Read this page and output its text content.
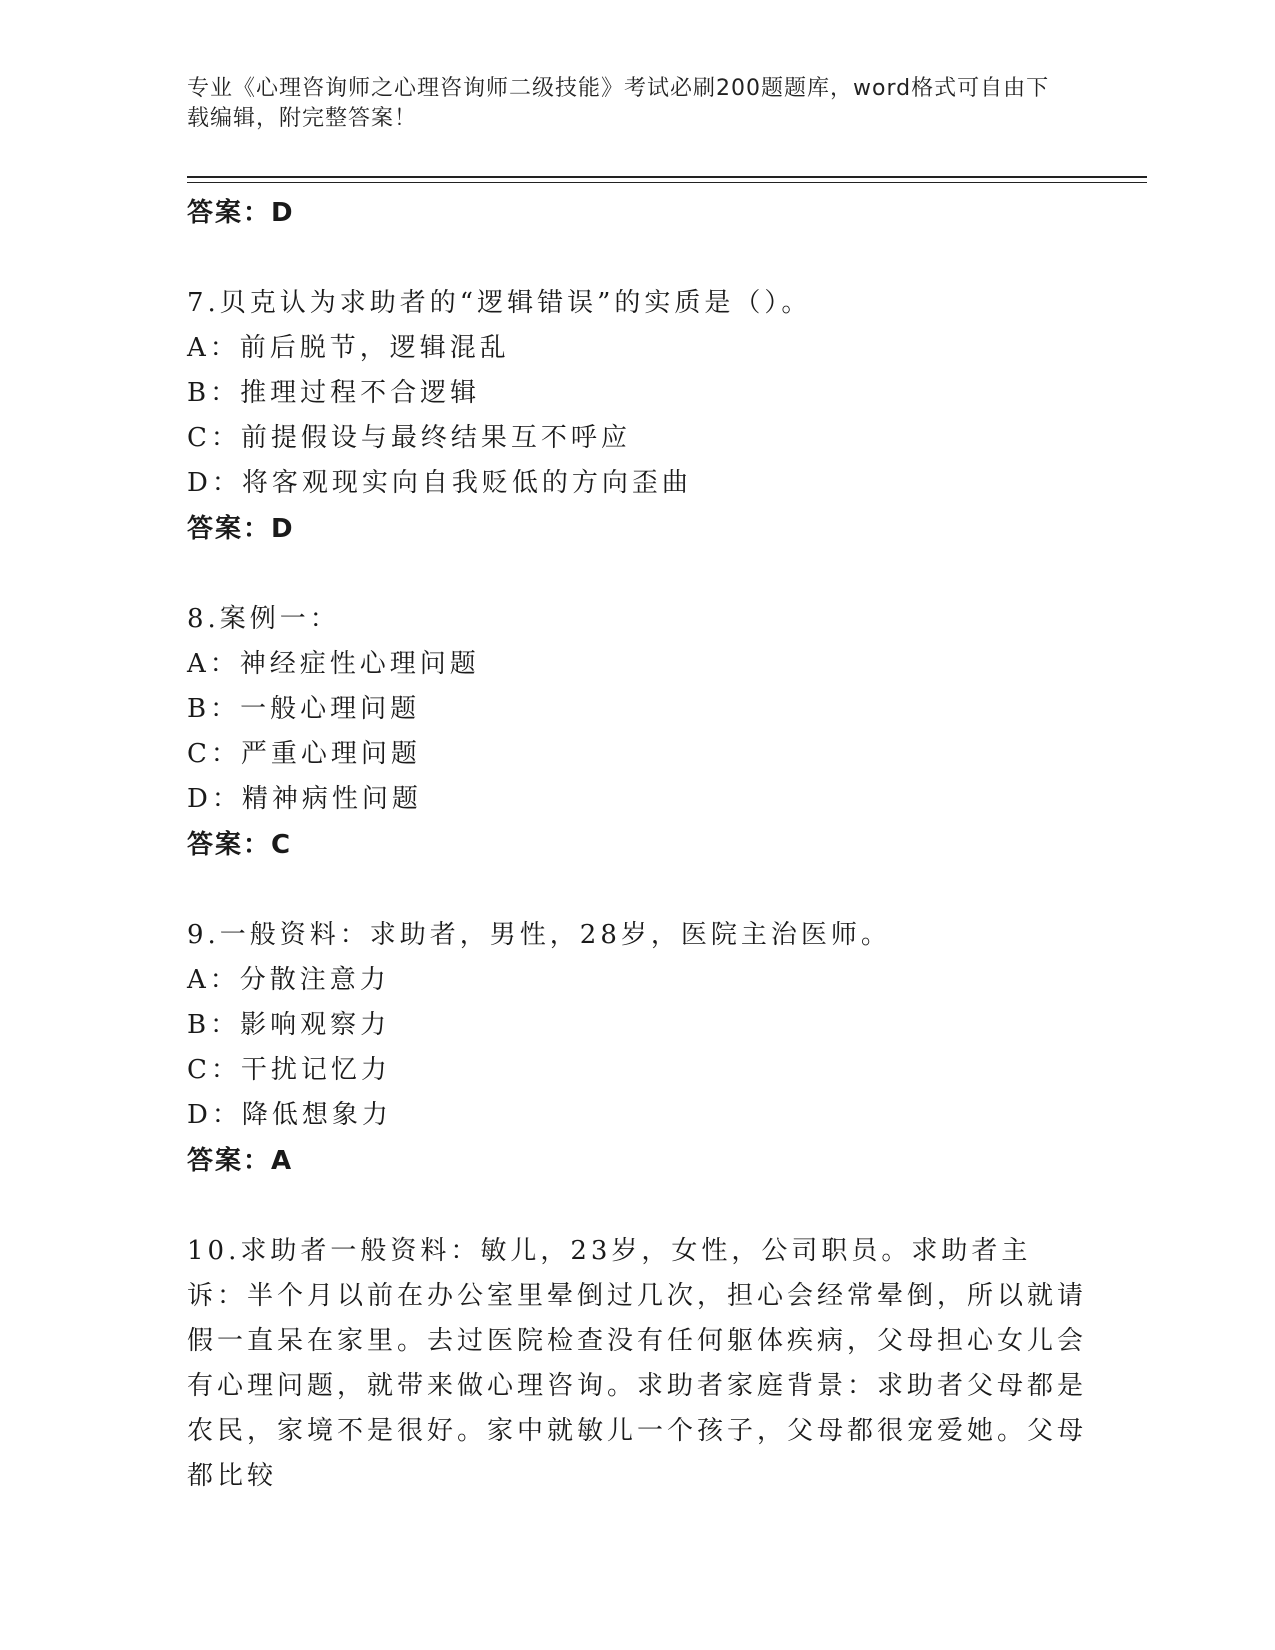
专业《心理咨询师之心理咨询师二级技能》考试必刷200题题库，word格式可自由下载编辑，附完整答案！
答案：D
7.贝克认为求助者的“逻辑错误”的实质是（）。
A：前后脱节，逻辑混乱
B：推理过程不合逻辑
C：前提假设与最终结果互不呼应
D：将客观现实向自我贬低的方向歪曲
答案：D
8.案例一：
A：神经症性心理问题
B：一般心理问题
C：严重心理问题
D：精神病性问题
答案：C
9.一般资料：求助者，男性，28岁，医院主治医师。
A：分散注意力
B：影响观察力
C：干扰记忆力
D：降低想象力
答案：A
10.求助者一般资料：敏儿，23岁，女性，公司职员。求助者主诉：半个月以前在办公室里晕倒过几次，担心会经常晕倒，所以就请假一直呆在家里。去过医院检查没有任何躯体疾病，父母担心女儿会有心理问题，就带来做心理咨询。求助者家庭背景：求助者父母都是农民，家境不是很好。家中就敏儿一个孩子，父母都很宠爱她。父母都比较
